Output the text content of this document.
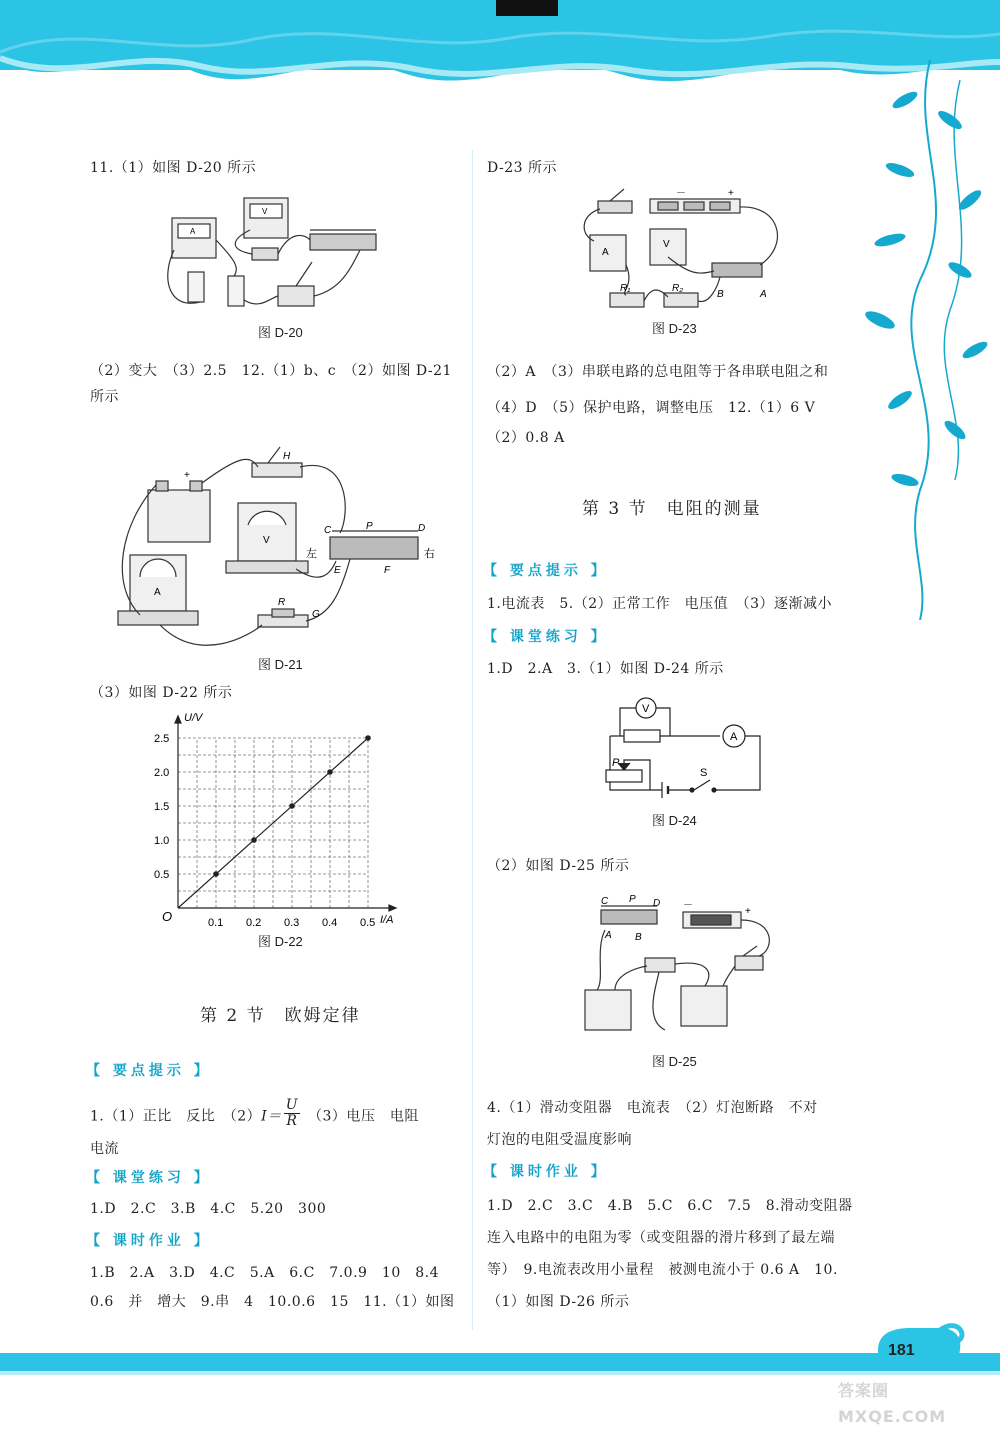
11.（1）如图 D-20 所示
A
V
图 D-20
（2）变大　（3）2.5　12.（1）b、c　（2）如图 D-21
所示
H
+
C	P	D
左	右
E	F
R
G
V
A
图 D-21
（3）如图 D-22 所示
0.1 0.2 0.3 0.4 0.5
0.5
1.0
1.5
2.0
2.5
U/V
I/A
O
图 D-22
第 2 节　欧姆定律
【 要点提示 】
1.（1）正比　反比　$(2)I= \frac{U}{R} (3)$电压　电阻
电流
【 课堂练习 】
1.D　2.C　3.B　4.C　5.20　300
【 课时作业 】
1.B　2.A　3.D　4.C　5.A　6.C　7.0.9　10　8.4
0.6　并　增大　9.串　4　10.0.6　15　11.（1）如图
D-23 所示
－	+
A
V
R₁	R₂
B	A
图 D-23
（2）A　（3）串联电路的总电阻等于各串联电阻之和
（4）D　（5）保护电路，调整电压　12.（1）6 V
（2）0.8 A
第 3 节　电阻的测量
【 要点提示 】
1.电流表　5.（2）正常工作　电压值　（3）逐渐减小
【 课堂练习 】
1.D　2.A　3.（1）如图 D-24 所示
V
A
P
S
图 D-24
（2）如图 D-25 所示
C P D
A B
－
+
图 D-25
4.（1）滑动变阻器　电流表　（2）灯泡断路　不对
灯泡的电阻受温度影响
【 课时作业 】
1.D　2.C　3.C　4.B　5.C　6.C　7.5　8.滑动变阻器
连入电路中的电阻为零（或变阻器的滑片移到了最左端
等）　9.电流表改用小量程　被测电流小于 0.6 A　10.
（1）如图 D-26 所示
181
答案圈 MXQE.COM
